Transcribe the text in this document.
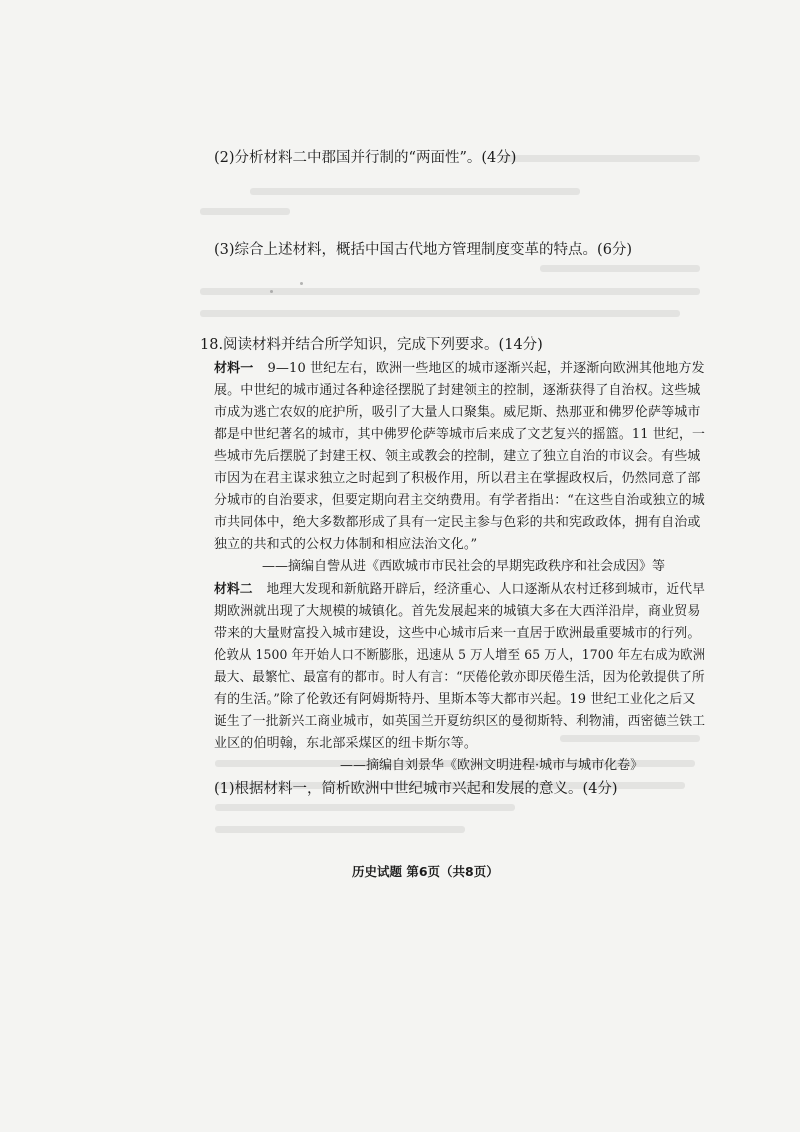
(2)分析材料二中郡国并行制的“两面性”。(4分)
(3)综合上述材料，概括中国古代地方管理制度变革的特点。(6分)
18.阅读材料并结合所学知识，完成下列要求。(14分)
材料一 9—10 世纪左右，欧洲一些地区的城市逐渐兴起，并逐渐向欧洲其他地方发
展。中世纪的城市通过各种途径摆脱了封建领主的控制，逐渐获得了自治权。这些城
市成为逃亡农奴的庇护所，吸引了大量人口聚集。威尼斯、热那亚和佛罗伦萨等城市
都是中世纪著名的城市，其中佛罗伦萨等城市后来成了文艺复兴的摇篮。11 世纪，一
些城市先后摆脱了封建王权、领主或教会的控制，建立了独立自治的市议会。有些城
市因为在君主谋求独立之时起到了积极作用，所以君主在掌握政权后，仍然同意了部
分城市的自治要求，但要定期向君主交纳费用。有学者指出：“在这些自治或独立的城
市共同体中，绝大多数都形成了具有一定民主参与色彩的共和宪政政体，拥有自治或
独立的共和式的公权力体制和相应法治文化。”
——摘编自訾从进《西欧城市市民社会的早期宪政秩序和社会成因》等
材料二 地理大发现和新航路开辟后，经济重心、人口逐渐从农村迁移到城市，近代早
期欧洲就出现了大规模的城镇化。首先发展起来的城镇大多在大西洋沿岸，商业贸易
带来的大量财富投入城市建设，这些中心城市后来一直居于欧洲最重要城市的行列。
伦敦从 1500 年开始人口不断膨胀，迅速从 5 万人增至 65 万人，1700 年左右成为欧洲
最大、最繁忙、最富有的都市。时人有言：“厌倦伦敦亦即厌倦生活，因为伦敦提供了所
有的生活。”除了伦敦还有阿姆斯特丹、里斯本等大都市兴起。19 世纪工业化之后又
诞生了一批新兴工商业城市，如英国兰开夏纺织区的曼彻斯特、利物浦，西密德兰铁工
业区的伯明翰，东北部采煤区的纽卡斯尔等。
——摘编自刘景华《欧洲文明进程·城市与城市化卷》
(1)根据材料一，简析欧洲中世纪城市兴起和发展的意义。(4分)
历史试题 第6页（共8页）
